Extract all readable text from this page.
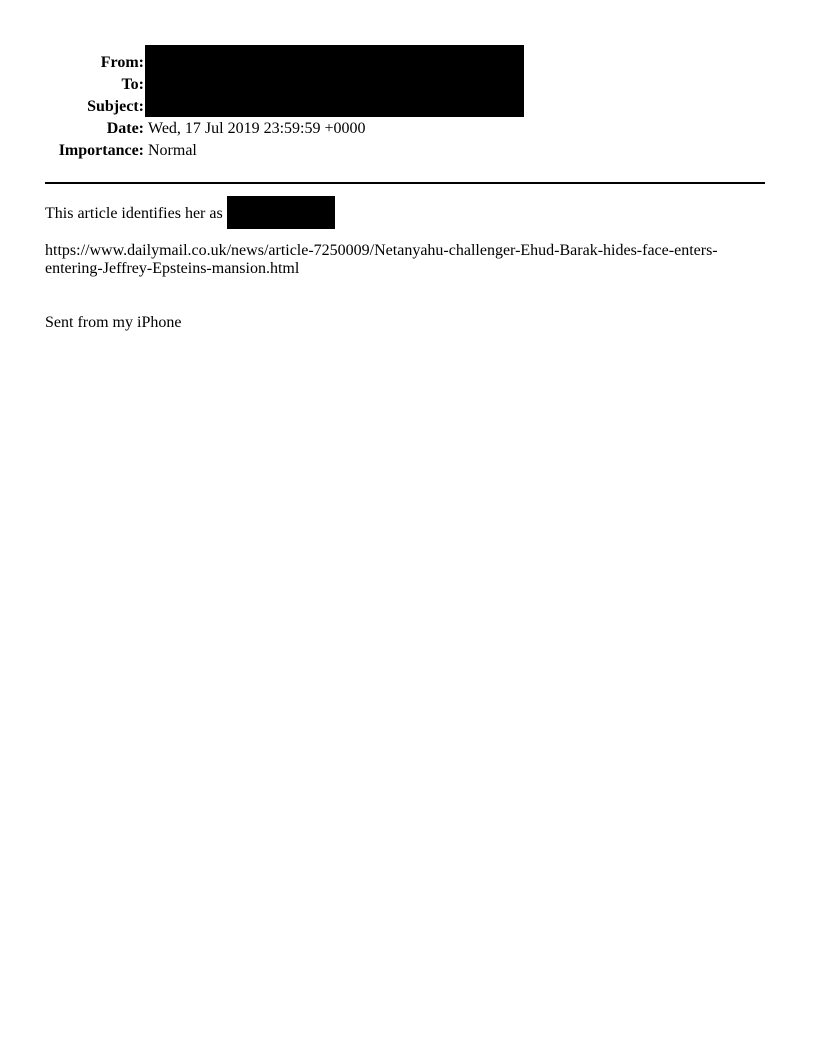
From:
To:
Subject:
Date: Wed, 17 Jul 2019 23:59:59 +0000
Importance: Normal
This article identifies her as
https://www.dailymail.co.uk/news/article-7250009/Netanyahu-challenger-Ehud-Barak-hides-face-enters-
entering-Jeffrey-Epsteins-mansion.html
Sent from my iPhone
